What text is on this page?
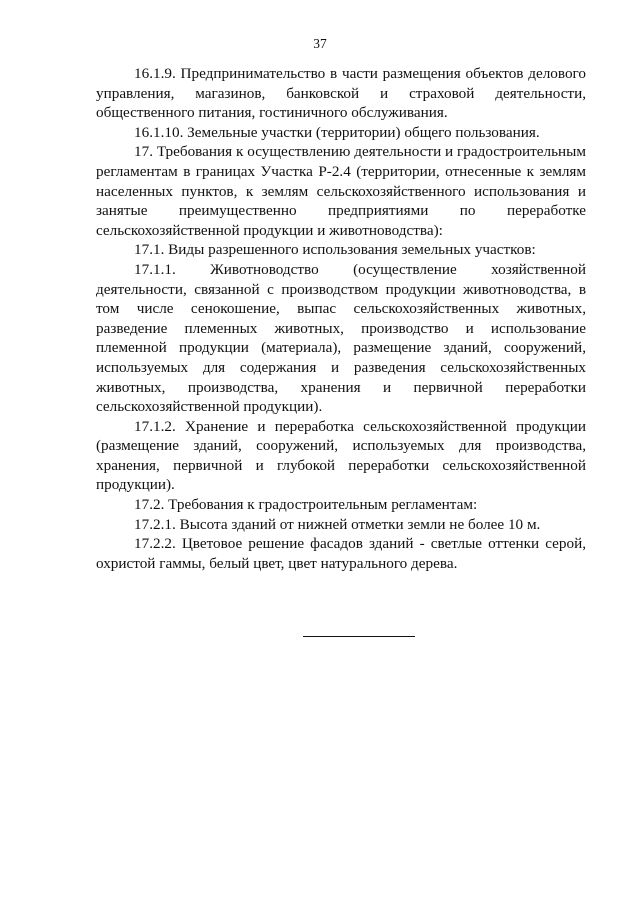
37

16.1.9. Предпринимательство в части размещения объектов делового управления, магазинов, банковской и страховой деятельности, общественного питания, гостиничного обслуживания.

16.1.10. Земельные участки (территории) общего пользования.

17. Требования к осуществлению деятельности и градостроительным регламентам в границах Участка Р-2.4 (территории, отнесенные к землям населенных пунктов, к землям сельскохозяйственного использования и занятые преимущественно предприятиями по переработке сельскохозяйственной продукции и животноводства):

17.1. Виды разрешенного использования земельных участков:

17.1.1. Животноводство (осуществление хозяйственной деятельности, связанной с производством продукции животноводства, в том числе сенокошение, выпас сельскохозяйственных животных, разведение племенных животных, производство и использование племенной продукции (материала), размещение зданий, сооружений, используемых для содержания и разведения сельскохозяйственных животных, производства, хранения и первичной переработки сельскохозяйственной продукции).

17.1.2. Хранение и переработка сельскохозяйственной продукции (размещение зданий, сооружений, используемых для производства, хранения, первичной и глубокой переработки сельскохозяйственной продукции).

17.2. Требования к градостроительным регламентам:

17.2.1. Высота зданий от нижней отметки земли не более 10 м.

17.2.2. Цветовое решение фасадов зданий - светлые оттенки серой, охристой гаммы, белый цвет, цвет натурального дерева.
